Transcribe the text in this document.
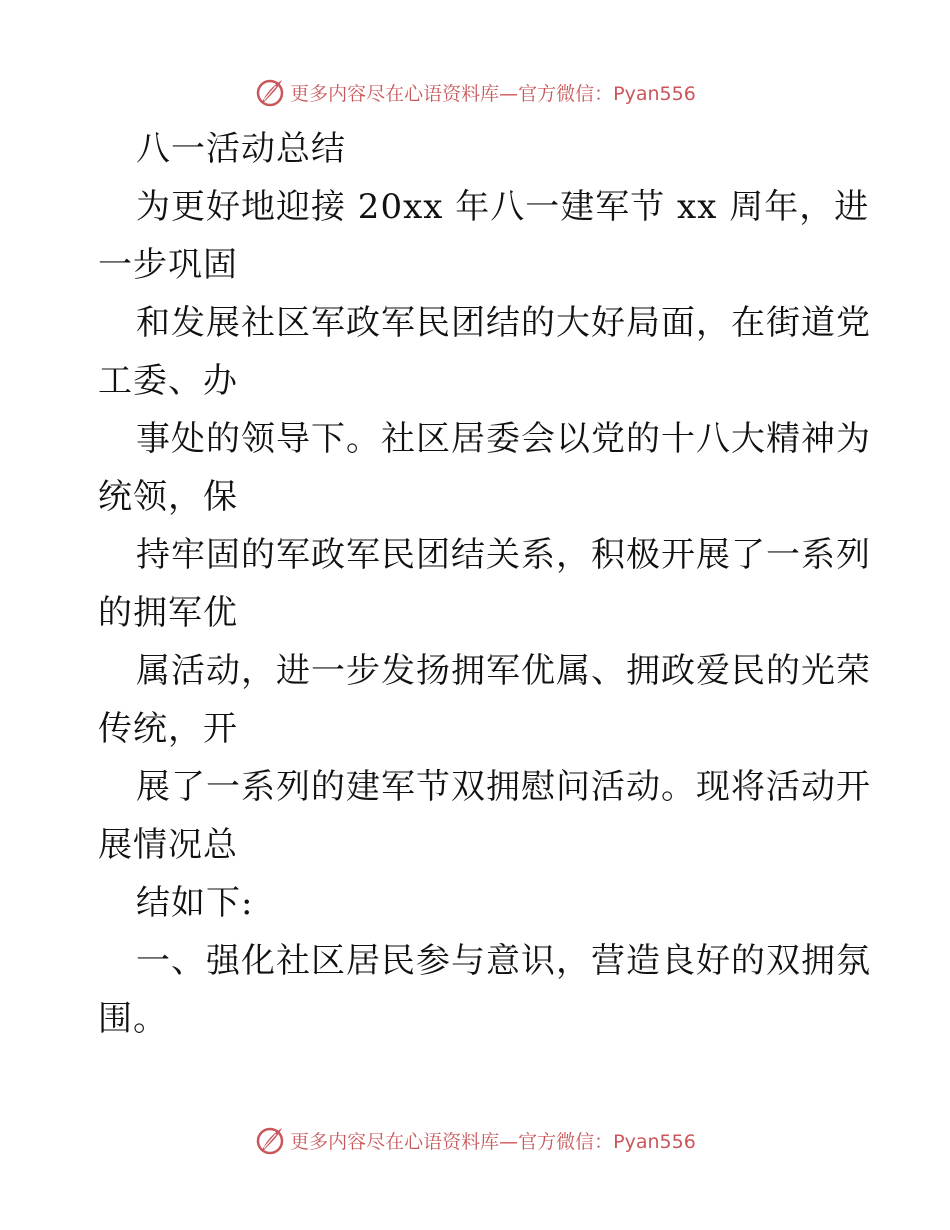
更多内容尽在心语资料库—官方微信：Pyan556
八一活动总结
为更好地迎接 20xx 年八一建军节 xx 周年，进
一步巩固
和发展社区军政军民团结的大好局面，在街道党
工委、办
事处的领导下。社区居委会以党的十八大精神为
统领，保
持牢固的军政军民团结关系，积极开展了一系列
的拥军优
属活动，进一步发扬拥军优属、拥政爱民的光荣
传统，开
展了一系列的建军节双拥慰问活动。现将活动开
展情况总
结如下:
一、强化社区居民参与意识，营造良好的双拥氛
围。
更多内容尽在心语资料库—官方微信：Pyan556
